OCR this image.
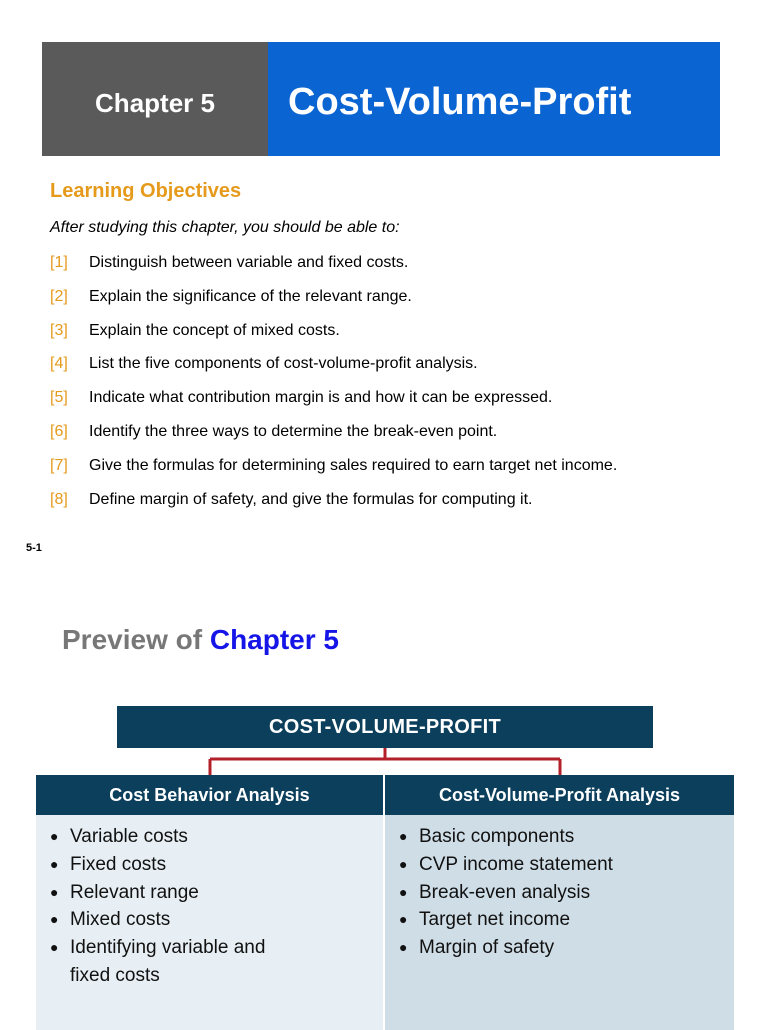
Chapter 5	Cost-Volume-Profit
Learning Objectives
After studying this chapter, you should be able to:
[1]	Distinguish between variable and fixed costs.
[2]	Explain the significance of the relevant range.
[3]	Explain the concept of mixed costs.
[4]	List the five components of cost-volume-profit analysis.
[5]	Indicate what contribution margin is and how it can be expressed.
[6]	Identify the three ways to determine the break-even point.
[7]	Give the formulas for determining sales required to earn target net income.
[8]	Define margin of safety, and give the formulas for computing it.
5-1
Preview of Chapter 5
COST-VOLUME-PROFIT
Cost Behavior Analysis
● Variable costs
● Fixed costs
● Relevant range
● Mixed costs
● Identifying variable and fixed costs
Cost-Volume-Profit Analysis
● Basic components
● CVP income statement
● Break-even analysis
● Target net income
● Margin of safety
